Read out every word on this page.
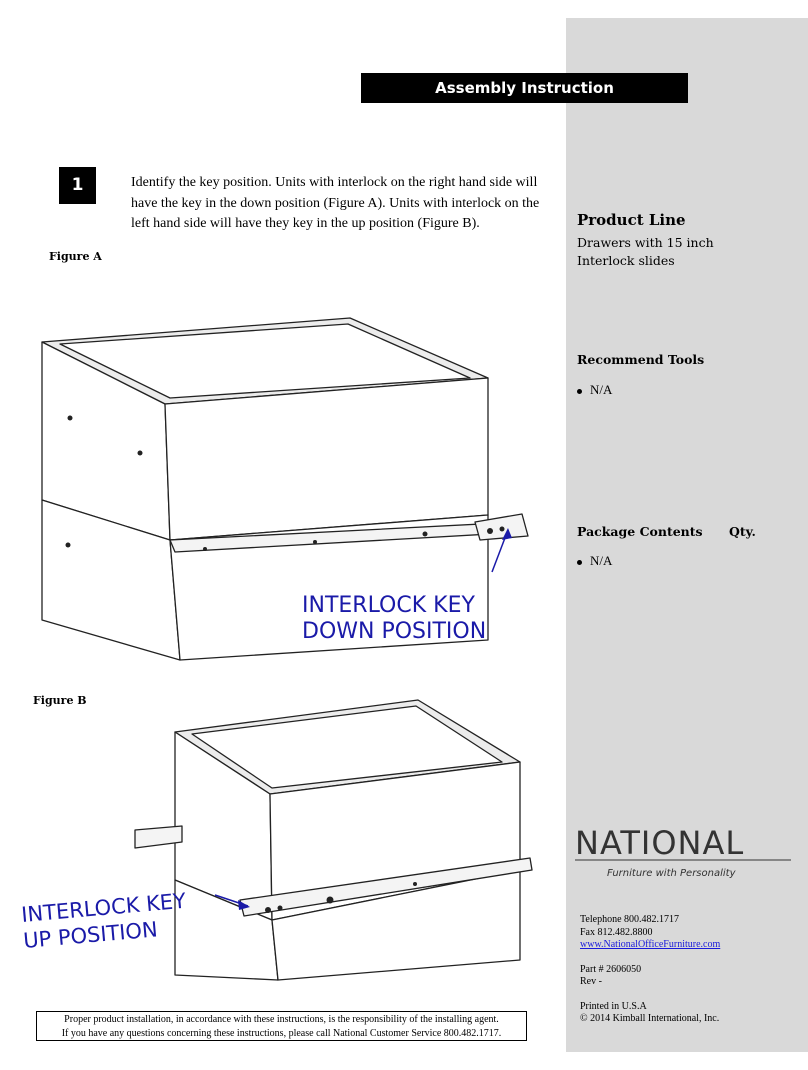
Assembly Instruction
1	Identify the key position. Units with interlock on the right hand side will have the key in the down position (Figure A). Units with interlock on the left hand side will have they key in the up position (Figure B).
Figure A
INTERLOCK KEY
DOWN POSITION
Figure B
INTERLOCK KEY
UP POSITION
Product Line
Drawers with 15 inch
Interlock slides
Recommend Tools
N/A
Package Contents Qty.
N/A
NATIONAL
Furniture with Personality
Telephone 800.482.1717
Fax 812.482.8800
www.NationalOfficeFurniture.com
Part # 2606050
Rev -
Printed in U.S.A
© 2014 Kimball International, Inc.
Proper product installation, in accordance with these instructions, is the responsibility of the installing agent.
If you have any questions concerning these instructions, please call National Customer Service 800.482.1717.
